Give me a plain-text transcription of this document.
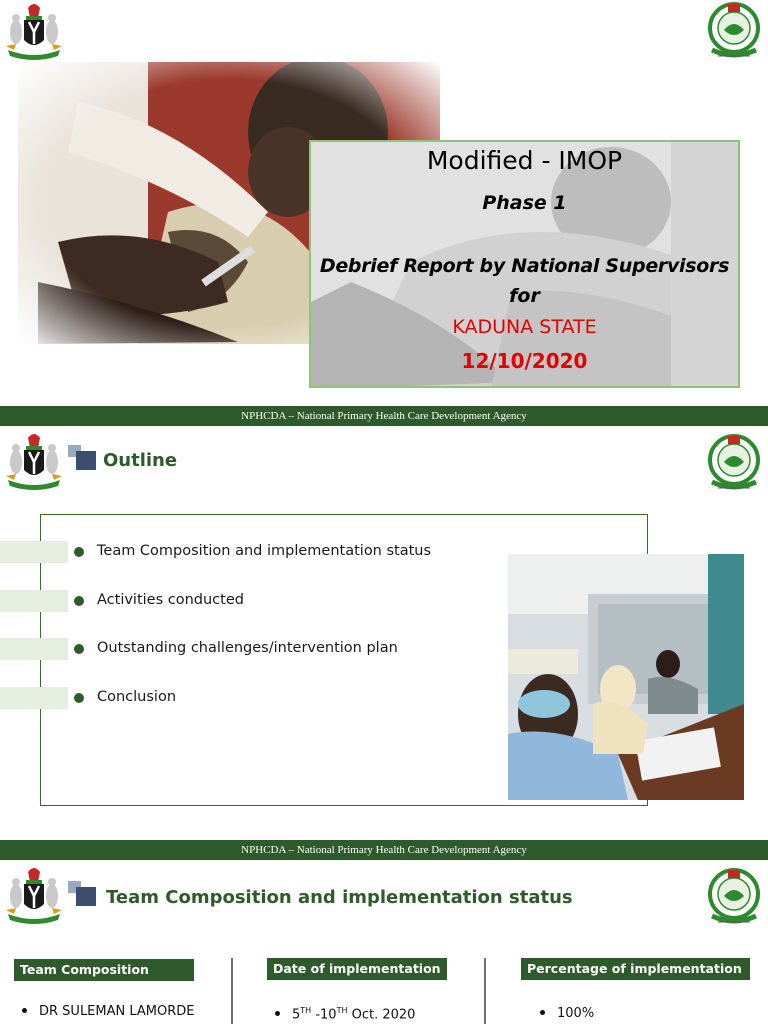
Modified - IMOP
Phase 1
Debrief Report by National Supervisors
for
KADUNA STATE
12/10/2020
NPHCDA – National Primary Health Care Development Agency
Outline
Team Composition and implementation status
Activities conducted
Outstanding challenges/intervention plan
Conclusion
NPHCDA – National Primary Health Care Development Agency
Team Composition and implementation status
Team Composition	Date of implementation	Percentage of implementation
DR SULEMAN LAMORDE	5TH -10TH Oct. 2020	100%
